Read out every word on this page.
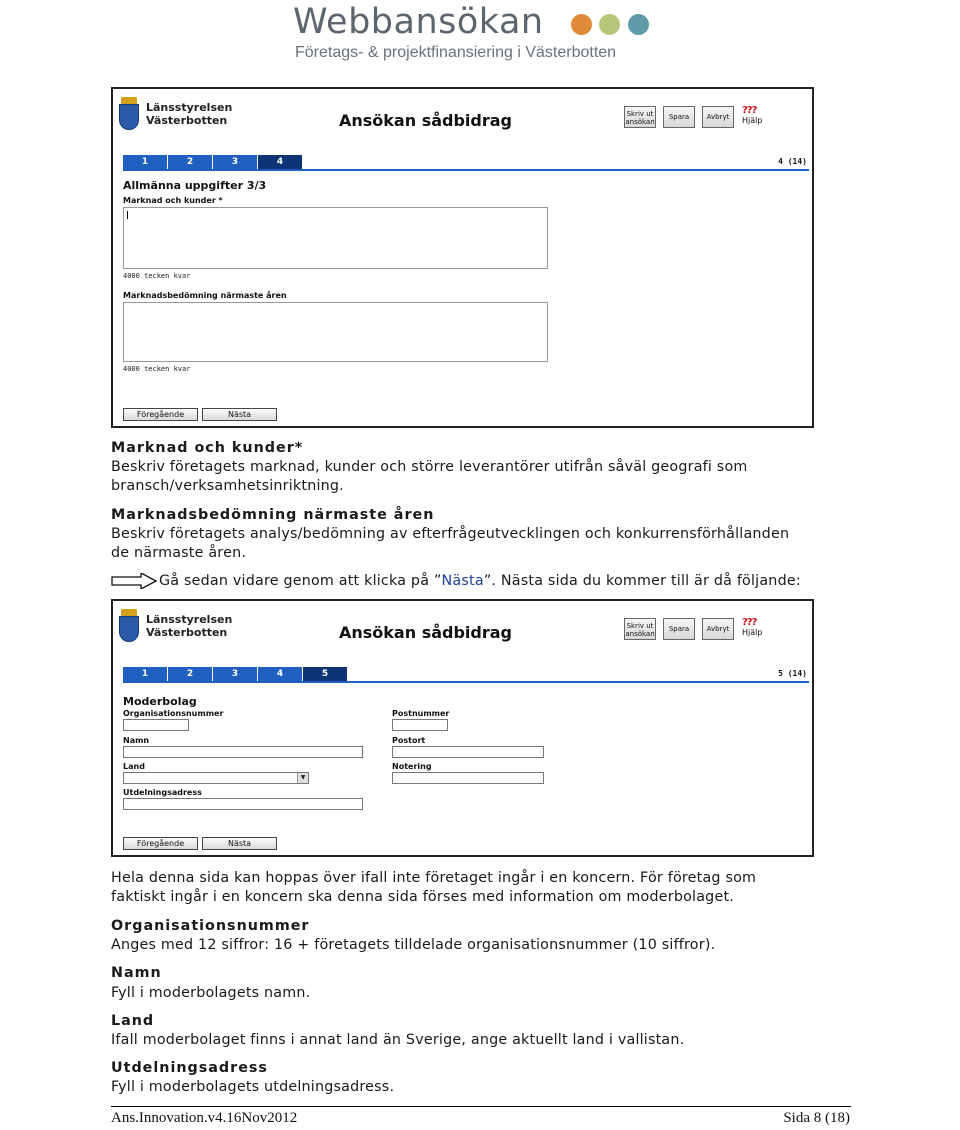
Webbansökan
Företags- & projektfinansiering i Västerbotten
Länsstyrelsen
Västerbotten	Ansökan sådbidrag	Skriv ut
ansökan
Spara	Avbryt
???
Hjälp
1	2	3	4	4 (14)
Allmänna uppgifter 3/3
Marknad och kunder *
4000 tecken kvar
Marknadsbedömning närmaste åren
4000 tecken kvar
Föregående	Nästa
Marknad och kunder*
Beskriv företagets marknad, kunder och större leverantörer utifrån såväl geografi som
bransch/verksamhetsinriktning.
Marknadsbedömning närmaste åren
Beskriv företagets analys/bedömning av efterfrågeutvecklingen och konkurrensförhållanden
de närmaste åren.
Gå sedan vidare genom att klicka på ”Nästa”. Nästa sida du kommer till är då följande:
Länsstyrelsen
Västerbotten	Ansökan sådbidrag	Skriv ut
ansökan
Spara	Avbryt
???
Hjälp
1	2	3	4	5	5 (14)
Moderbolag
Organisationsnummer
Namn
Land
▼
Utdelningsadress
Postnummer
Postort
Notering
Föregående	Nästa
Hela denna sida kan hoppas över ifall inte företaget ingår i en koncern. För företag som
faktiskt ingår i en koncern ska denna sida förses med information om moderbolaget.
Organisationsnummer
Anges med 12 siffror: 16 + företagets tilldelade organisationsnummer (10 siffror).
Namn
Fyll i moderbolagets namn.
Land
Ifall moderbolaget finns i annat land än Sverige, ange aktuellt land i vallistan.
Utdelningsadress
Fyll i moderbolagets utdelningsadress.
Ans.Innovation.v4.16Nov2012	Sida 8 (18)
